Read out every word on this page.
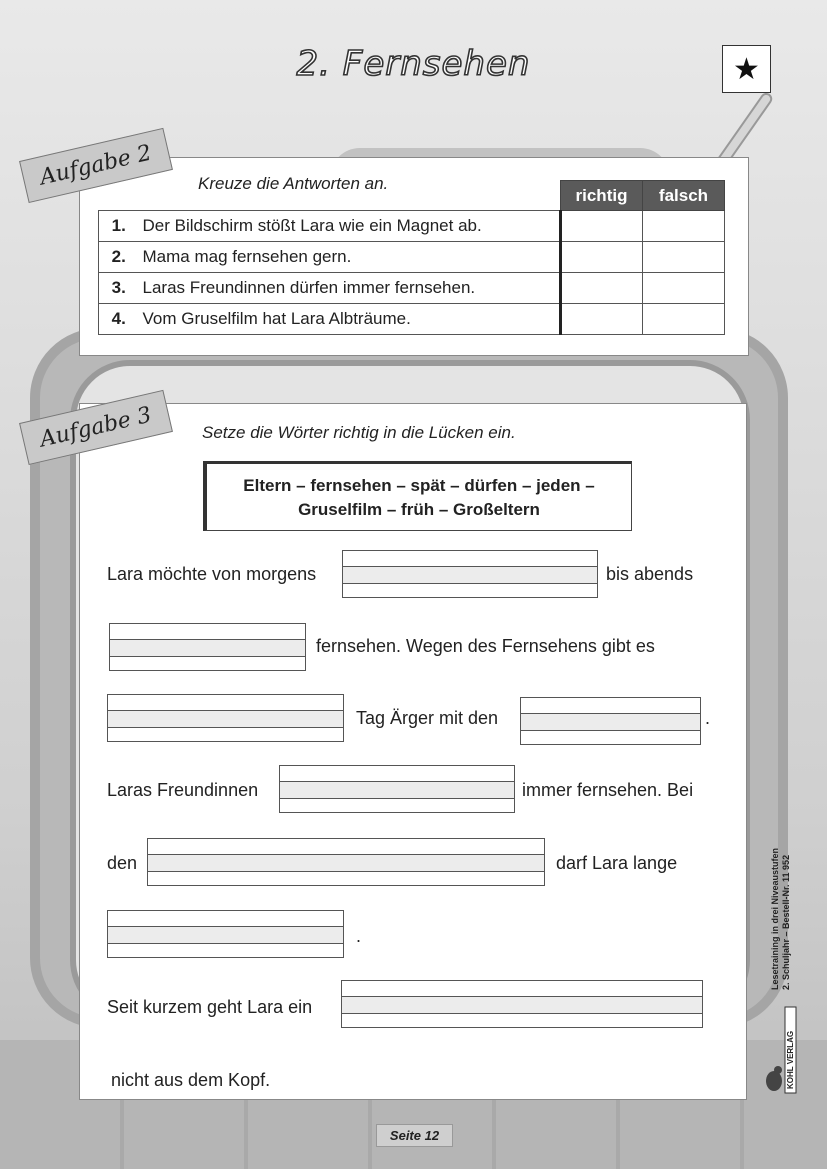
2. Fernsehen	★
Aufgabe 2	Kreuze die Antworten an.
		richtig	falsch
1.	Der Bildschirm stößt Lara wie ein Magnet ab.		
2.	Mama mag fernsehen gern.		
3.	Laras Freundinnen dürfen immer fernsehen.		
4.	Vom Gruselfilm hat Lara Albträume.		
Aufgabe 3	Setze die Wörter richtig in die Lücken ein.
Eltern – fernsehen – spät – dürfen – jeden –
Gruselfilm – früh – Großeltern
Lara möchte von morgens	bis abends
fernsehen. Wegen des Fernsehens gibt es
Tag Ärger mit den	.
Laras Freundinnen	immer fernsehen. Bei
den	darf Lara lange
.
Seit kurzem geht Lara ein
nicht aus dem Kopf.
Lesetraining in drei Niveaustufen 2. Schuljahr – Bestell-Nr. 11 952
KOHL VERLAG
Seite 12
